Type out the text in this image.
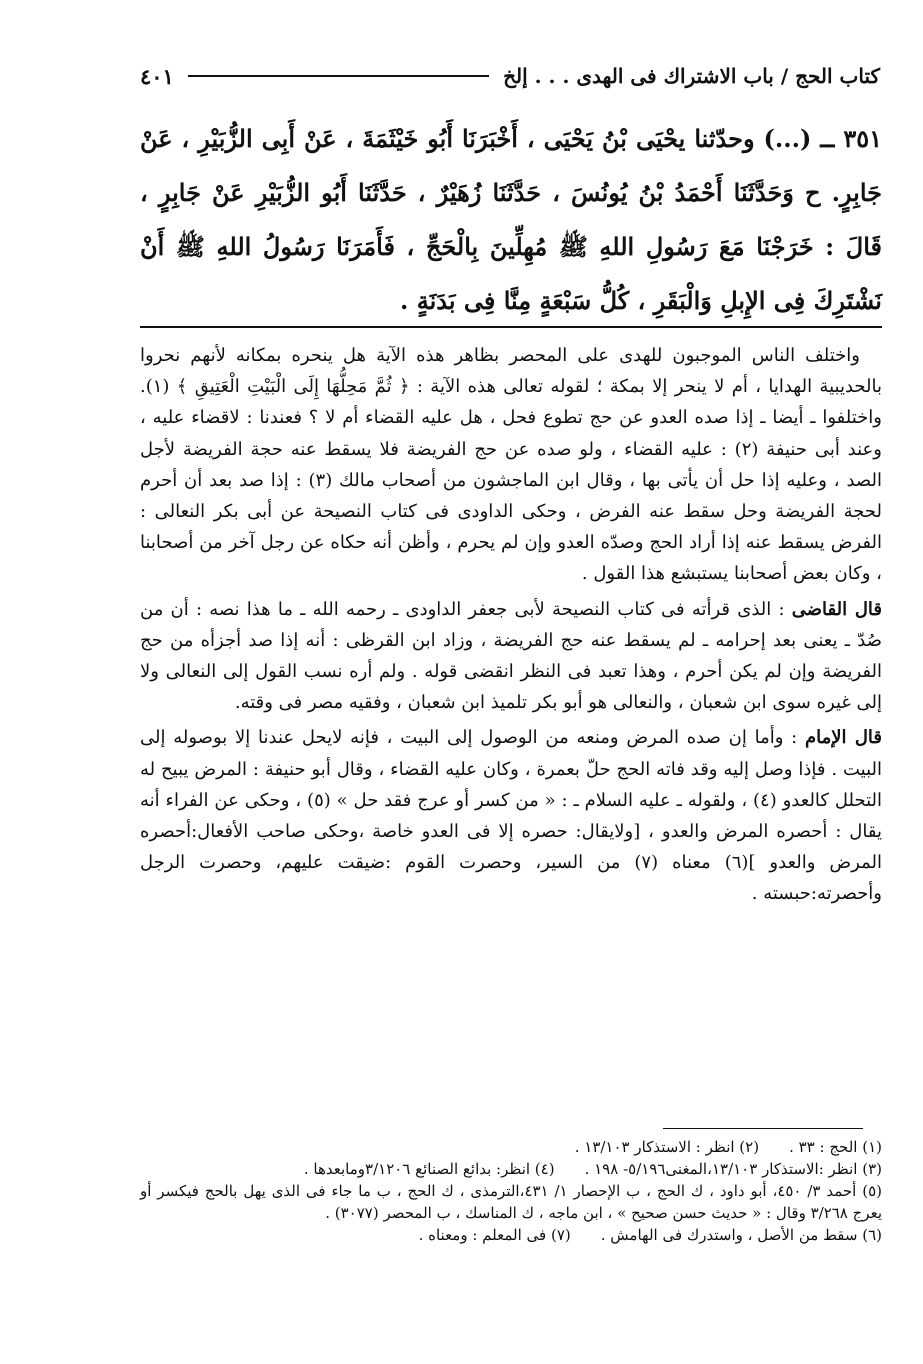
كتاب الحج / باب الاشتراك فى الهدى . . . إلخ
٤٠١

٣٥١ ــ (...) وحدّثنا يحْيَى بْنُ يَحْيَى ، أَخْبَرَنَا أَبُو خَيْثَمَةَ ، عَنْ أَبِى الزُّبَيْرِ ، عَنْ جَابِرٍ. ح وَحَدَّثَنَا أَحْمَدُ بْنُ يُونُسَ ، حَدَّثَنَا زُهَيْرٌ ، حَدَّثَنَا أَبُو الزُّبَيْرِ عَنْ جَابِرٍ ، قَالَ : خَرَجْنَا مَعَ رَسُولِ اللهِ ﷺ مُهِلِّينَ بِالْحَجِّ ، فَأَمَرَنَا رَسُولُ اللهِ ﷺ أَنْ نَشْتَرِكَ فِى الإِبلِ وَالْبَقَرِ ، كُلُّ سَبْعَةٍ مِنَّا فِى بَدَنَةٍ .

واختلف الناس الموجبون للهدى على المحصر بظاهر هذه الآية هل ينحره بمكانه لأنهم نحروا بالحديبية الهدايا ، أم لا ينحر إلا بمكة ؛ لقوله تعالى هذه الآية : ﴿ ثُمَّ مَحِلُّهَا إِلَى الْبَيْتِ الْعَتِيقِ ﴾ (١). واختلفوا ـ أيضا ـ إذا صده العدو عن حج تطوع فحل ، هل عليه القضاء أم لا ؟ فعندنا : لاقضاء عليه ، وعند أبى حنيفة (٢) : عليه القضاء ، ولو صده عن حج الفريضة فلا يسقط عنه حجة الفريضة لأجل الصد ، وعليه إذا حل أن يأتى بها ، وقال ابن الماجشون من أصحاب مالك (٣) : إذا صد بعد أن أحرم لحجة الفريضة وحل سقط عنه الفرض ، وحكى الداودى فى كتاب النصيحة عن أبى بكر النعالى : الفرض يسقط عنه إذا أراد الحج وصدّه العدو وإن لم يحرم ، وأظن أنه حكاه عن رجل آخر من أصحابنا ، وكان بعض أصحابنا يستبشع هذا القول .

قال القاضى : الذى قرأته فى كتاب النصيحة لأبى جعفر الداودى ـ رحمه الله ـ ما هذا نصه : أن من صُدّ ـ يعنى بعد إحرامه ـ لم يسقط عنه حج الفريضة ، وزاد ابن القرظى : أنه إذا صد أجزأه من حج الفريضة وإن لم يكن أحرم ، وهذا تعبد فى النظر انقضى قوله . ولم أره نسب القول إلى النعالى ولا إلى غيره سوى ابن شعبان ، والنعالى هو أبو بكر تلميذ ابن شعبان ، وفقيه مصر فى وقته.

قال الإمام : وأما إن صده المرض ومنعه من الوصول إلى البيت ، فإنه لايحل عندنا إلا بوصوله إلى البيت . فإذا وصل إليه وقد فاته الحج حلّ بعمرة ، وكان عليه القضاء ، وقال أبو حنيفة : المرض يبيح له التحلل كالعدو (٤) ، ولقوله ـ عليه السلام ـ : « من كسر أو عرج فقد حل » (٥) ، وحكى عن الفراء أنه يقال : أحصره المرض والعدو ، [ولايقال: حصره إلا فى العدو خاصة ،وحكى صاحب الأفعال:أحصره المرض والعدو ](٦) معناه (٧) من السير، وحصرت القوم :ضيقت عليهم، وحصرت الرجل وأحصرته:حبسته .

(١) الحج : ٣٣ .
(٢) انظر : الاستذكار ١٣/١٠٣ .
(٣) انظر :الاستذكار ١٣/١٠٣،المغنى٥/١٩٦- ١٩٨ .
(٤) انظر: بدائع الصنائع ٣/١٢٠٦ومابعدها .

(٥) أحمد ٣/ ٤٥٠، أبو داود ، ك الحج ، ب الإحصار ١/ ٤٣١،الترمذى ، ك الحج ، ب ما جاء فى الذى يهل بالحج فيكسر أو يعرج ٣/٢٦٨ وقال : « حديث حسن صحيح » ، ابن ماجه ، ك المناسك ، ب المحصر (٣٠٧٧) .

(٦) سقط من الأصل ، واستدرك فى الهامش .
(٧) فى المعلم : ومعناه .
